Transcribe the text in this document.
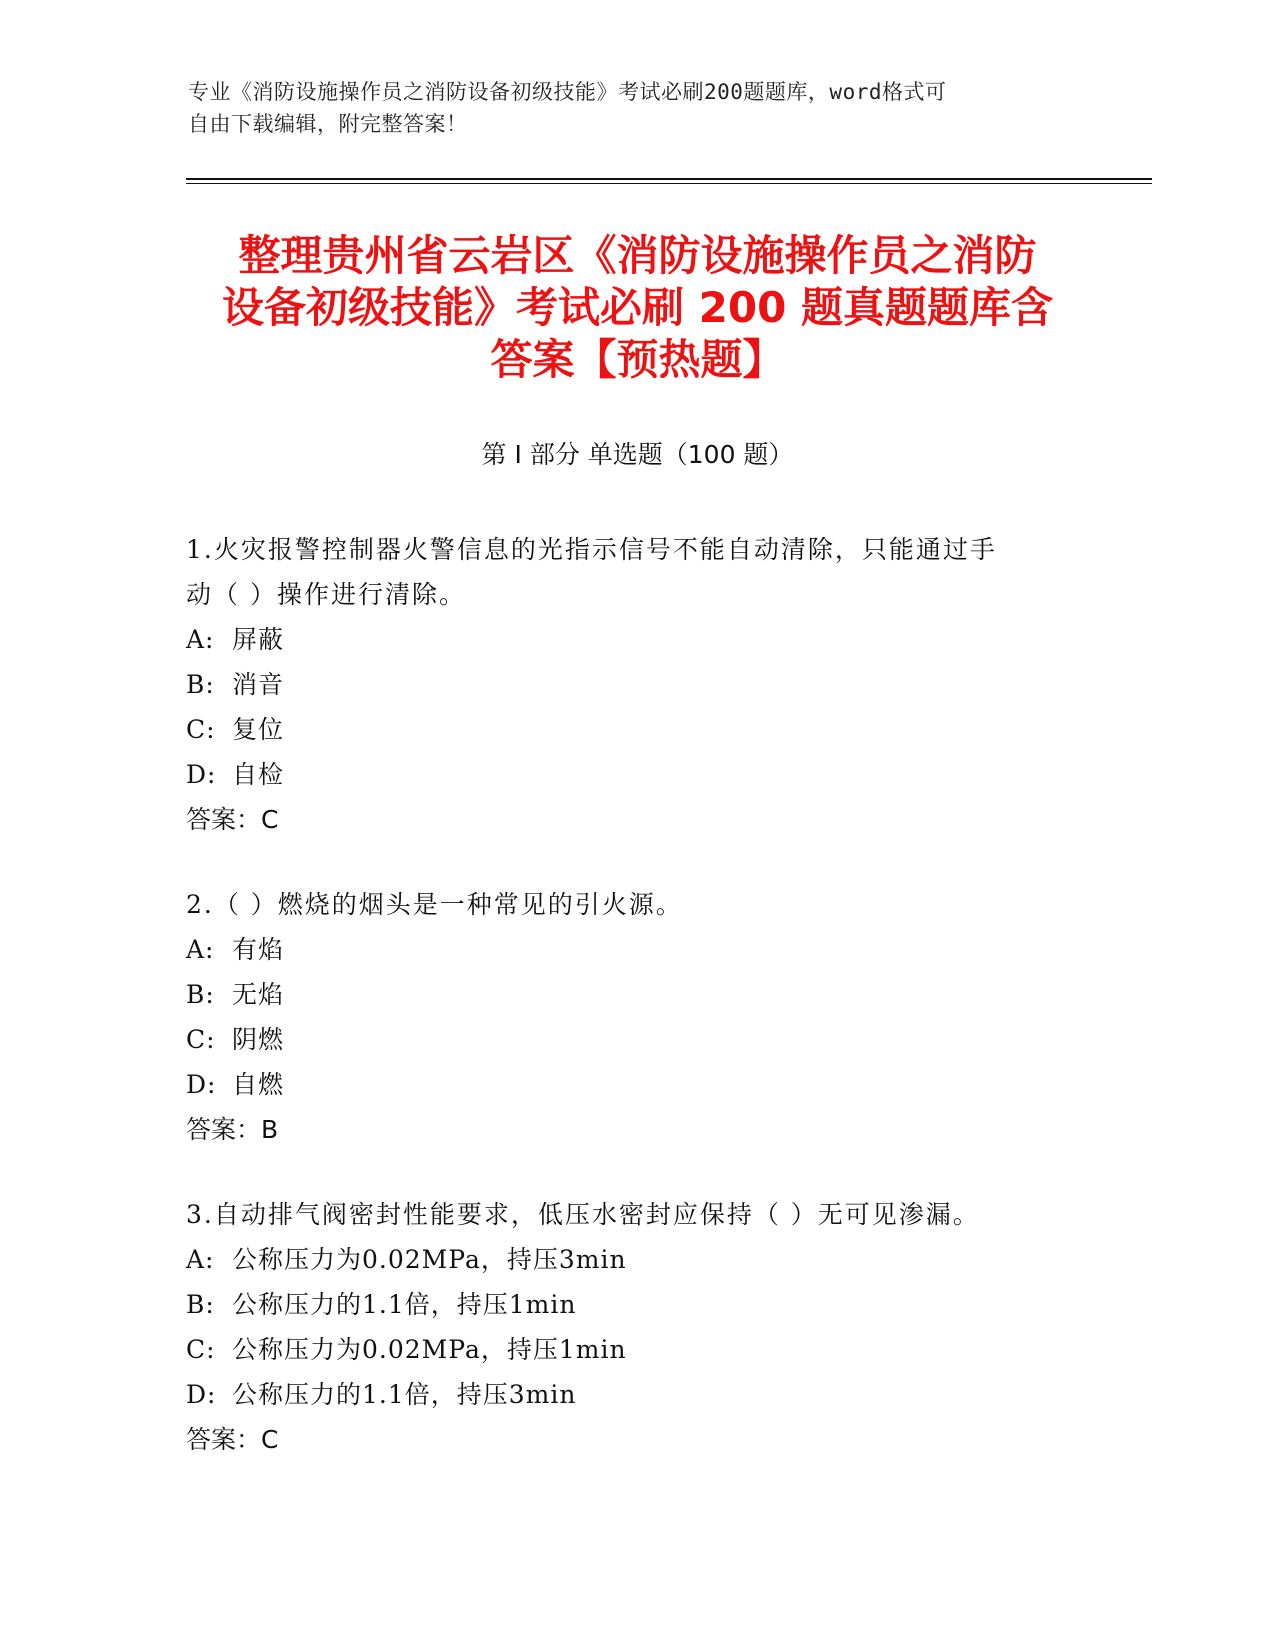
专业《消防设施操作员之消防设备初级技能》考试必刷200题题库，word格式可
自由下载编辑，附完整答案！
整理贵州省云岩区《消防设施操作员之消防
设备初级技能》考试必刷 200 题真题题库含
答案【预热题】
第 I 部分 单选题（100 题）
1.火灾报警控制器火警信息的光指示信号不能自动清除，只能通过手
动（ ）操作进行清除。
A: 屏蔽
B: 消音
C: 复位
D: 自检
答案：C
2.（ ）燃烧的烟头是一种常见的引火源。
A: 有焰
B: 无焰
C: 阴燃
D: 自燃
答案：B
3.自动排气阀密封性能要求，低压水密封应保持（ ）无可见渗漏。
A: 公称压力为0.02MPa，持压3min
B: 公称压力的1.1倍，持压1min
C: 公称压力为0.02MPa，持压1min
D: 公称压力的1.1倍，持压3min
答案：C
